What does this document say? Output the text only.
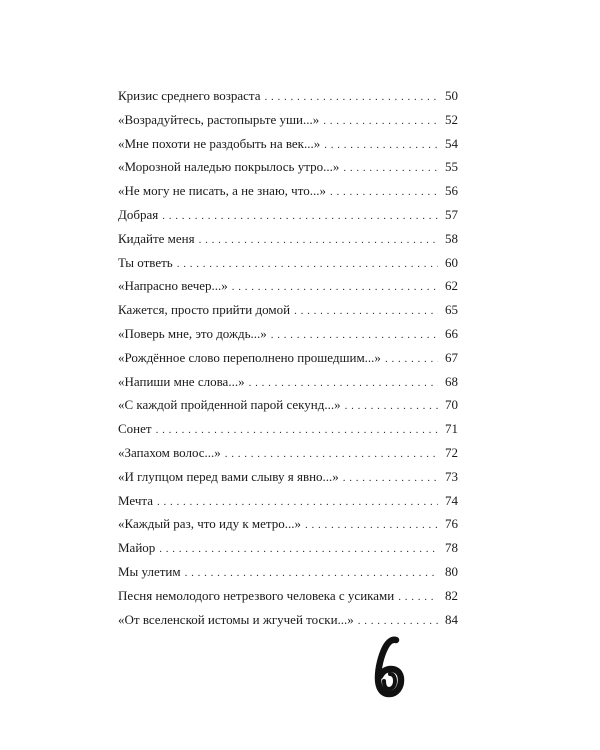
Кризис среднего возраста . . .	50
«Возрадуйтесь, растопырьте уши...» . . .	52
«Мне похоти не раздобыть на век...» . . .	54
«Морозной наледью покрылось утро...» . . .	55
«Не могу не писать, а не знаю, что...» . . .	56
Добрая . . .	57
Кидайте меня . . .	58
Ты ответь . . .	60
«Напрасно вечер...» . . .	62
Кажется, просто прийти домой . . .	65
«Поверь мне, это дождь...» . . .	66
«Рождённое слово переполнено прошедшим...» . . .	67
«Напиши мне слова...» . . .	68
«С каждой пройденной парой секунд...» . . .	70
Сонет . . .	71
«Запахом волос...» . . .	72
«И глупцом перед вами слыву я явно...» . . .	73
Мечта . . .	74
«Каждый раз, что иду к метро...» . . .	76
Майор . . .	78
Мы улетим . . .	80
Песня немолодого нетрезвого человека с усиками . . .	82
«От вселенской истомы и жгучей тоски...» . . .	84
